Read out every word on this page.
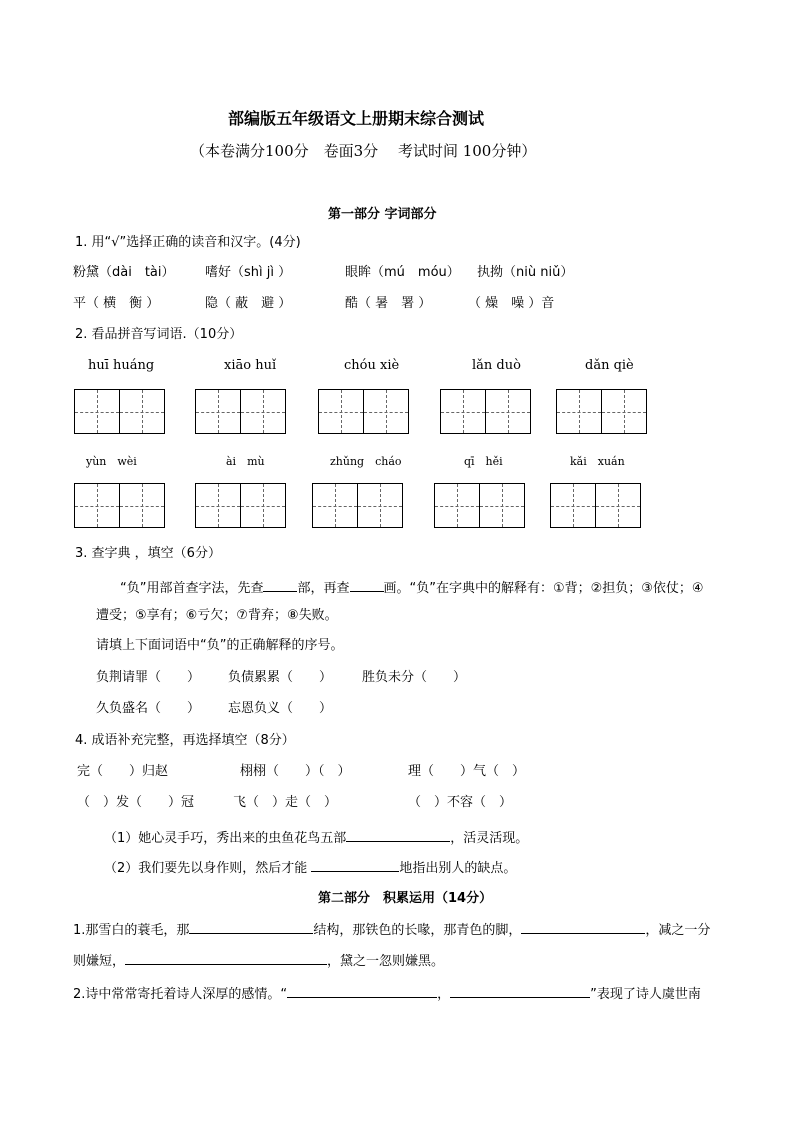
部编版五年级语文上册期末综合测试
（本卷满分100分　卷面3分　 考试时间 100分钟）
第一部分 字词部分
1. 用“√”选择正确的读音和汉字。(4分)
粉黛（dài　tài） 嗜好（shì jì ）	眼眸（mú　móu） 执拗（niù niǔ）
平（ 横　衡 ）	隐（ 蔽　避 ）	酷（ 暑　署 ）	（ 燥　噪 ）音
2. 看品拼音写词语.（10分）
huī huáng	xiāo huǐ	chóu xiè	lǎn duò	dǎn qiè
yùn　wèi	ài　mù	zhǔng　cháo	qī　hěi	kǎi　xuán
3. 查字典 ，填空（6分）
“负”用部首查字法，先查	部，再查	画。“负”在字典中的解释有：①背；②担负；③依仗；④
遭受；⑤享有；⑥亏欠；⑦背弃；⑧失败。
请填上下面词语中“负”的正确解释的序号。
负荆请罪（　　） 负债累累（　　） 胜负未分（　　）
久负盛名（　　） 忘恩负义（　　）
4. 成语补充完整，再选择填空（8分）
完（　　）归赵	栩栩（　　）（　）	理（　　）气（　）
（　）发（　　）冠	飞（　）走（　）	（　）不容（　）
（1）她心灵手巧，秀出来的虫鱼花鸟五部	，活灵活现。
（2）我们要先以身作则，然后才能	地指出别人的缺点。
第二部分　积累运用（14分）
1.那雪白的蓑毛，那	结构，那铁色的长喙，那青色的脚，	，减之一分
则嫌短，	，黛之一忽则嫌黑。
2.诗中常常寄托着诗人深厚的感情。“	，	”表现了诗人虞世南
